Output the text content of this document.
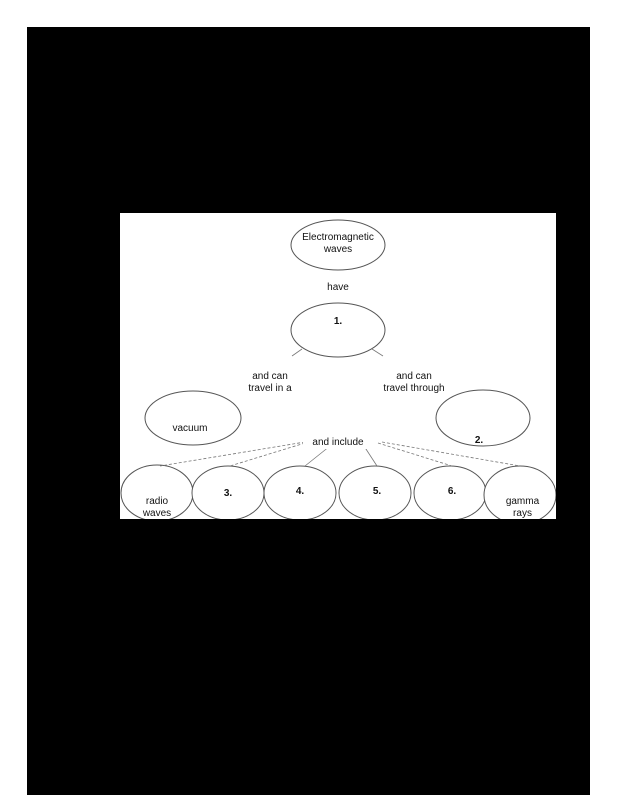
Electromagnetic
waves
have
1.
and can
travel in a
and can
travel through
vacuum
2.
and include
radio
waves
3.	4.	5.	6.
gamma
rays
